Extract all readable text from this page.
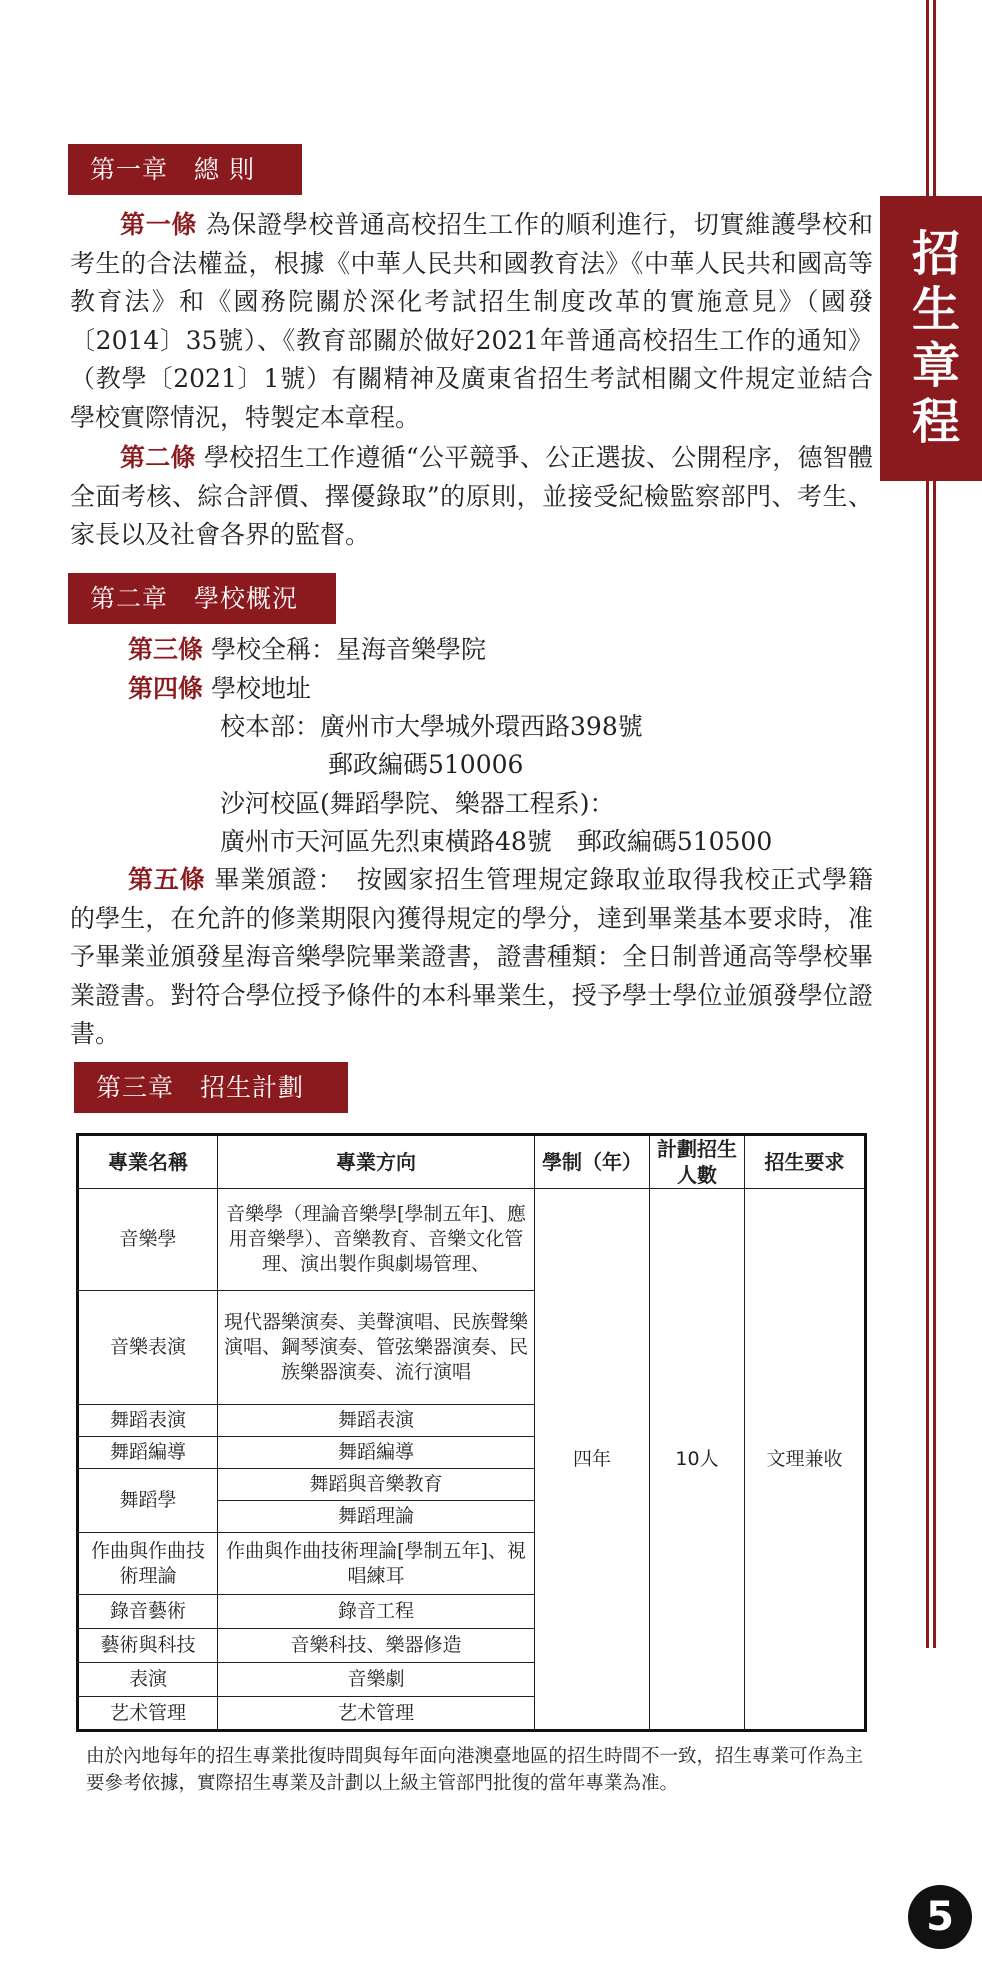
招生章程
第一章　總 則
第一條 為保證學校普通高校招生工作的順利進行，切實維護學校和考生的合法權益，根據《中華人民共和國教育法》《中華人民共和國高等教育法》和《國務院關於深化考試招生制度改革的實施意見》（國發〔2014〕35號）、《教育部關於做好2021年普通高校招生工作的通知》（教學〔2021〕1號）有關精神及廣東省招生考試相關文件規定並結合學校實際情況，特製定本章程。
第二條 學校招生工作遵循“公平競爭、公正選拔、公開程序，德智體全面考核、綜合評價、擇優錄取”的原則，並接受紀檢監察部門、考生、家長以及社會各界的監督。
第二章　學校概況
第三條 學校全稱：星海音樂學院
第四條 學校地址
校本部：廣州市大學城外環西路398號
郵政編碼510006
沙河校區(舞蹈學院、樂器工程系)：
廣州市天河區先烈東橫路48號　郵政編碼510500
第五條 畢業頒證：　按國家招生管理規定錄取並取得我校正式學籍的學生，在允許的修業期限內獲得規定的學分，達到畢業基本要求時，准予畢業並頒發星海音樂學院畢業證書，證書種類：全日制普通高等學校畢業證書。對符合學位授予條件的本科畢業生，授予學士學位並頒發學位證書。
第三章　招生計劃
專業名稱	專業方向	學制（年）	計劃招生人數	招生要求
音樂學	音樂學（理論音樂學[學制五年]、應用音樂學）、音樂教育、音樂文化管理、演出製作與劇場管理、	四年	10人	文理兼收
音樂表演	現代器樂演奏、美聲演唱、民族聲樂演唱、鋼琴演奏、管弦樂器演奏、民族樂器演奏、流行演唱			
舞蹈表演	舞蹈表演			
舞蹈編導	舞蹈編導			
舞蹈學	舞蹈與音樂教育			
	舞蹈理論			
作曲與作曲技術理論	作曲與作曲技術理論[學制五年]、視唱練耳			
錄音藝術	錄音工程			
藝術與科技	音樂科技、樂器修造			
表演	音樂劇			
艺术管理	艺术管理			
由於內地每年的招生專業批復時間與每年面向港澳臺地區的招生時間不一致，招生專業可作為主要參考依據，實際招生專業及計劃以上級主管部門批復的當年專業為准。
5
